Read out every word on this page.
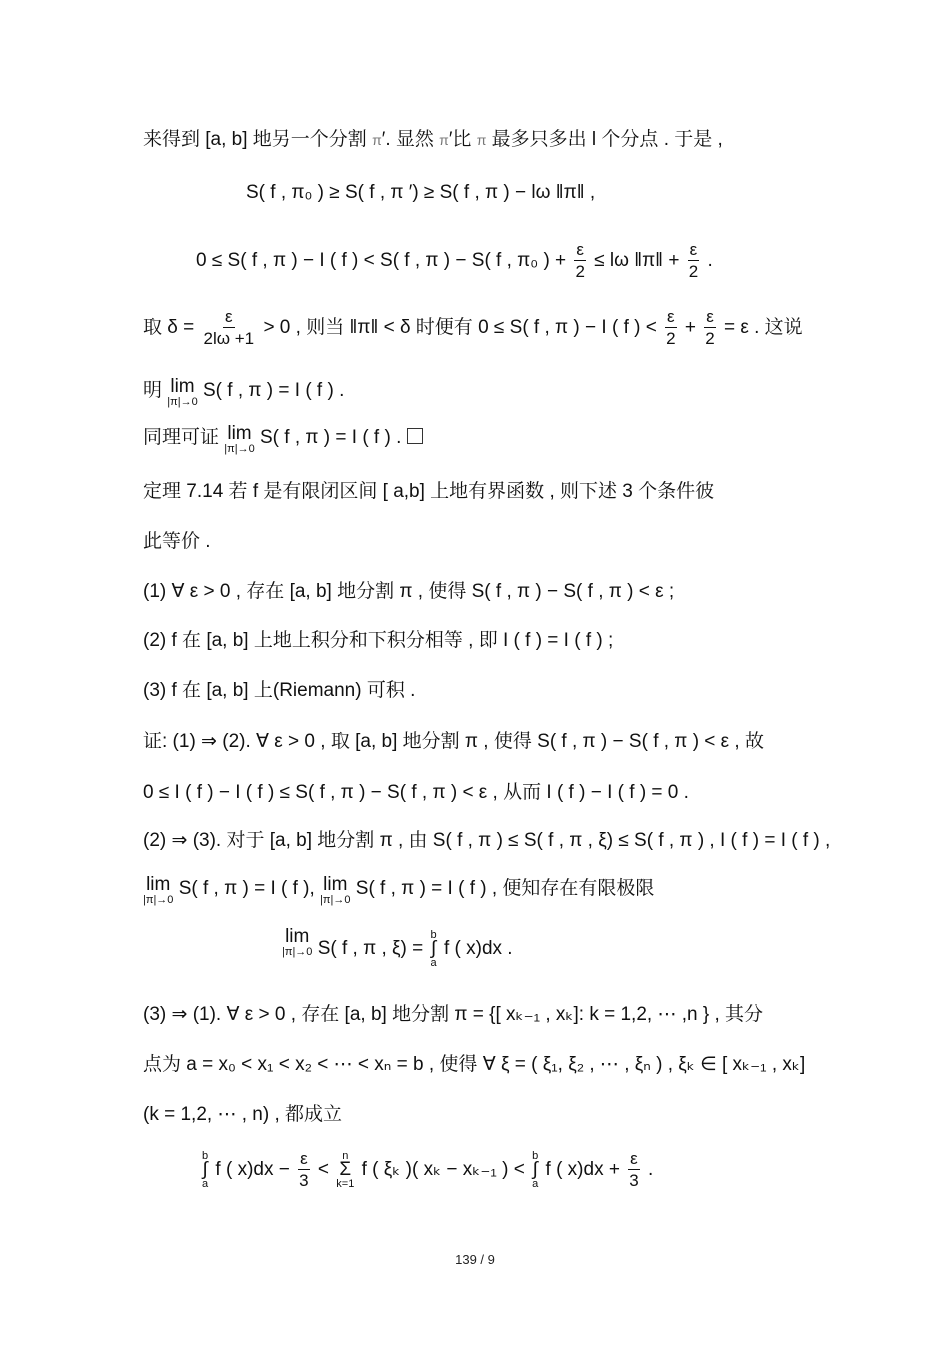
来得到 [a, b] 地另一个分割 π′. 显然 π′比 π 最多只多出 l 个分点 . 于是 ,
S( f , π₀ ) ≥ S( f , π ′) ≥ S( f , π ) − lω ‖π‖ ,
0 ≤ S( f , π ) − I ( f ) < S( f , π ) − S( f , π₀ ) + $\frac{\varepsilon}{2} \le l\omega$ ‖π‖ + $\frac{\varepsilon}{2}$ .
取 $\delta = \frac{\varepsilon}{2l\omega +1} > 0$ , 则当 ‖π‖ < δ 时便有 0 ≤ S( f , π ) − I ( f ) < $\frac{\varepsilon}{2} + \frac{\varepsilon}{2} = \varepsilon$ . 这说
明 lim
|π|→0
S( f , π ) = I ( f ) .
同理可证 lim
|π|→0
S( f , π ) = I ( f ) .
定理 7.14 若 f 是有限闭区间 [ a,b] 上地有界函数 , 则下述 3 个条件彼
此等价 .
(1) ∀ ε > 0 , 存在 [a, b] 地分割 π , 使得 S( f , π ) − S( f , π ) < ε ;
(2) f 在 [a, b] 上地上积分和下积分相等 , 即 I ( f ) = I ( f ) ;
(3) f 在 [a, b] 上(Riemann) 可积 .
证: (1) ⇒ (2). ∀ ε > 0 , 取 [a, b] 地分割 π , 使得 S( f , π ) − S( f , π ) < ε , 故
0 ≤ I ( f ) − I ( f ) ≤ S( f , π ) − S( f , π ) < ε , 从而 I ( f ) − I ( f ) = 0 .
(2) ⇒ (3). 对于 [a, b] 地分割 π , 由 S( f , π ) ≤ S( f , π , ξ) ≤ S( f , π ) , I ( f ) = I ( f ) ,
lim
|π|→0
S( f , π ) = I ( f ), lim
|π|→0
S( f , π ) = I ( f ) , 便知存在有限极限
lim
|π|→0 S( f , π , ξ) =
b
∫
a
f ( x)dx .
(3) ⇒ (1). ∀ ε > 0 , 存在 [a, b] 地分割 π = {[ xₖ₋₁ , xₖ]: k = 1,2, ⋯ ,n } , 其分
点为 a = x₀ < x₁ < x₂ < ⋯ < xₙ = b , 使得 ∀ ξ = ( ξ₁, ξ₂ , ⋯ , ξₙ ) , ξₖ ∈ [ xₖ₋₁ , xₖ]
(k = 1,2, ⋯ , n) , 都成立
b
∫
a
f ( $x)dx - \frac{\varepsilon}{3}$ <
n
Σ
k=1
f ( ξₖ )( xₖ − xₖ₋₁ ) <
b
∫
a
f ( $x)dx + \frac{\varepsilon}{3}$ .
139 / 9
